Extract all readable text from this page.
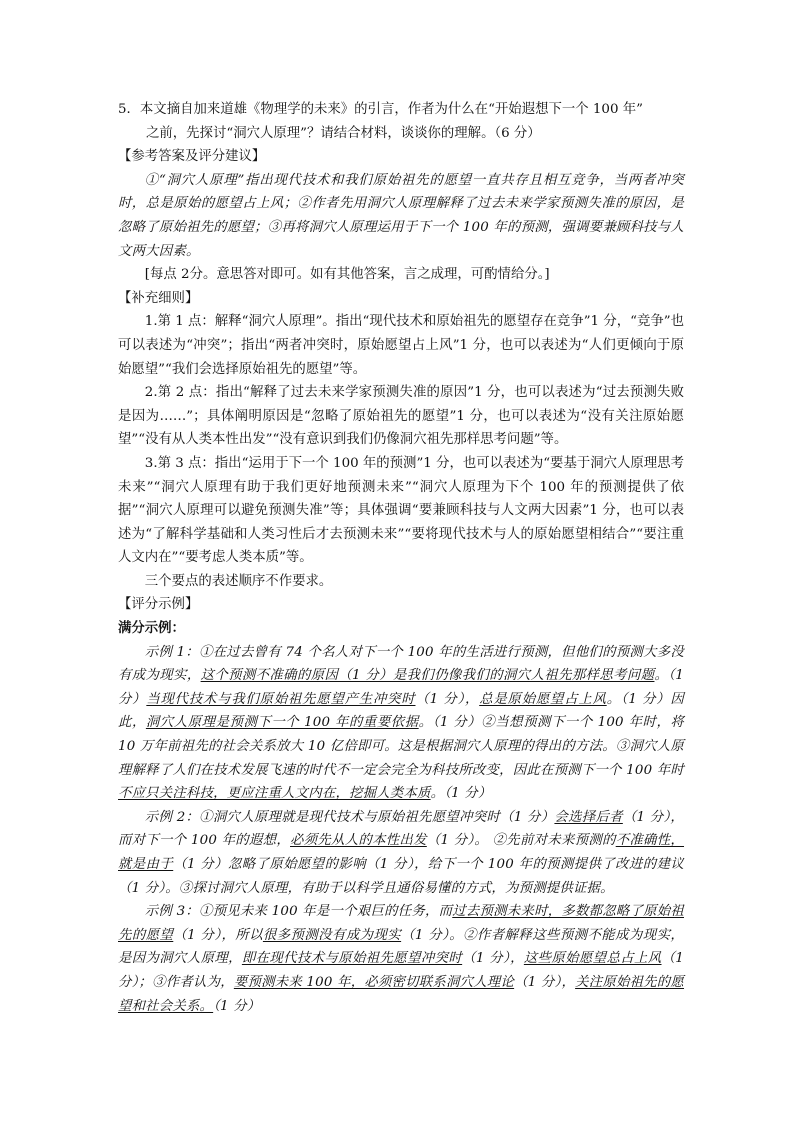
5．本文摘自加来道雄《物理学的未来》的引言，作者为什么在“开始遐想下一个 100 年”

之前，先探讨“洞穴人原理”？请结合材料，谈谈你的理解。（6 分）

【参考答案及评分建议】

①“洞穴人原理”指出现代技术和我们原始祖先的愿望一直共存且相互竞争，当两者冲突时，总是原始的愿望占上风；②作者先用洞穴人原理解释了过去未来学家预测失准的原因，是忽略了原始祖先的愿望；③再将洞穴人原理运用于下一个 100 年的预测，强调要兼顾科技与人文两大因素。

[每点 2分。意思答对即可。如有其他答案，言之成理，可酌情给分。]

【补充细则】

1.第 1 点：解释“洞穴人原理”。指出“现代技术和原始祖先的愿望存在竞争”1 分，“竞争”也可以表述为“冲突”；指出“两者冲突时，原始愿望占上风”1 分，也可以表述为“人们更倾向于原始愿望”“我们会选择原始祖先的愿望”等。

2.第 2 点：指出“解释了过去未来学家预测失准的原因”1 分，也可以表述为“过去预测失败是因为……”；具体阐明原因是“忽略了原始祖先的愿望”1 分，也可以表述为“没有关注原始愿望”“没有从人类本性出发”“没有意识到我们仍像洞穴祖先那样思考问题”等。

3.第 3 点：指出“运用于下一个 100 年的预测”1 分，也可以表述为“要基于洞穴人原理思考未来”“洞穴人原理有助于我们更好地预测未来”“洞穴人原理为下个 100 年的预测提供了依据”“洞穴人原理可以避免预测失准”等；具体强调“要兼顾科技与人文两大因素”1 分，也可以表述为“了解科学基础和人类习性后才去预测未来”“要将现代技术与人的原始愿望相结合”“要注重人文内在”“要考虑人类本质”等。

三个要点的表述顺序不作要求。

【评分示例】

满分示例：

示例 1：①在过去曾有 74 个名人对下一个 100 年的生活进行预测，但他们的预测大多没有成为现实，这个预测不准确的原因（1 分）是我们仍像我们的洞穴人祖先那样思考问题。（1 分）当现代技术与我们原始祖先愿望产生冲突时（1 分），总是原始愿望占上风。（1 分）因此，洞穴人原理是预测下一个 100 年的重要依据。（1 分）②当想预测下一个 100 年时，将 10 万年前祖先的社会关系放大 10 亿倍即可。这是根据洞穴人原理的得出的方法。③洞穴人原理解释了人们在技术发展飞速的时代不一定会完全为科技所改变，因此在预测下一个 100 年时不应只关注科技，更应注重人文内在，挖掘人类本质。（1 分）

示例 2：①洞穴人原理就是现代技术与原始祖先愿望冲突时（1 分）会选择后者（1 分），而对下一个 100 年的遐想，必须先从人的本性出发（1 分）。 ②先前对未来预测的不准确性，就是由于（1 分）忽略了原始愿望的影响（1 分），给下一个 100 年的预测提供了改进的建议（1 分）。③探讨洞穴人原理，有助于以科学且通俗易懂的方式，为预测提供证据。

示例 3：①预见未来 100 年是一个艰巨的任务，而过去预测未来时，多数都忽略了原始祖先的愿望（1 分），所以很多预测没有成为现实（1 分）。②作者解释这些预测不能成为现实，是因为洞穴人原理，即在现代技术与原始祖先愿望冲突时（1 分），这些原始愿望总占上风（1 分）；③作者认为，要预测未来 100 年，必须密切联系洞穴人理论（1 分），关注原始祖先的愿望和社会关系。（1 分）
